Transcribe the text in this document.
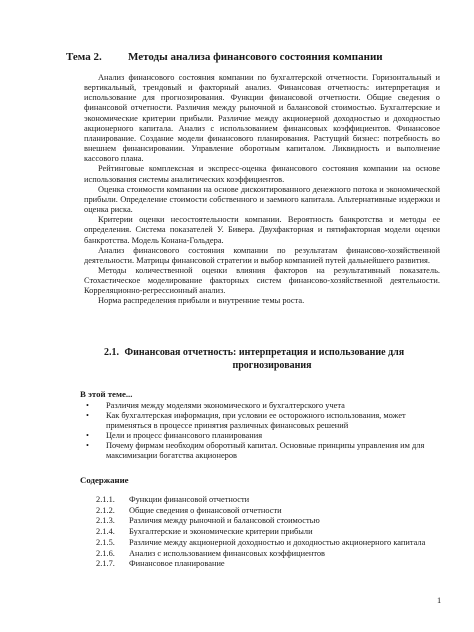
Тема 2. Методы анализа финансового состояния компании

Анализ финансового состояния компании по бухгалтерской отчетности. Горизонтальный и вертикальный, трендовый и факторный анализ. Финансовая отчетность: интерпретация и использование для прогнозирования. Функции финансовой отчетности. Общие сведения о финансовой отчетности. Различия между рыночной и балансовой стоимостью. Бухгалтерские и экономические критерии прибыли. Различие между акционерной доходностью и доходностью акционерного капитала. Анализ с использованием финансовых коэффициентов. Финансовое планирование. Создание модели финансового планирования. Растущий бизнес: потребность во внешнем финансировании. Управление оборотным капиталом. Ликвидность и выполнение кассового плана.

Рейтинговые комплексная и экспресс-оценка финансового состояния компании на основе использования системы аналитических коэффициентов.

Оценка стоимости компании на основе дисконтированного денежного потока и экономической прибыли. Определение стоимости собственного и заемного капитала. Альтернативные издержки и оценка риска.

Критерии оценки несостоятельности компании. Вероятность банкротства и методы ее определения. Система показателей У. Бивера. Двухфакторная и пятифакторная модели оценки банкротства. Модель Конана-Гольдера.

Анализ финансового состояния компании по результатам финансово-хозяйственной деятельности. Матрицы финансовой стратегии и выбор компанией путей дальнейшего развития.

Методы количественной оценки влияния факторов на результативный показатель. Стохастическое моделирование факторных систем финансово-хозяйственной деятельности. Корреляционно-регрессионный анализ.

Норма распределения прибыли и внутренние темы роста.

2.1. Финансовая отчетность: интерпретация и использование для
прогнозирования
В этой теме...
• Различия между моделями экономического и бухгалтерского учета
• Как бухгалтерская информация, при условии ее осторожного использования, может применяться в процессе принятия различных финансовых решений
• Цели и процесс финансового планирования
• Почему фирмам необходим оборотный капитал. Основные принципы управления им для максимизации богатства акционеров
Содержание
2.1.1.	Функции финансовой отчетности
2.1.2.	Общие сведения о финансовой отчетности
2.1.3.	Различия между рыночной и балансовой стоимостью
2.1.4.	Бухгалтерские и экономические критерии прибыли
2.1.5.	Различие между акционерной доходностью и доходностью акционерного капитала
2.1.6.	Анализ с использованием финансовых коэффициентов
2.1.7.	Финансовое планирование
1
